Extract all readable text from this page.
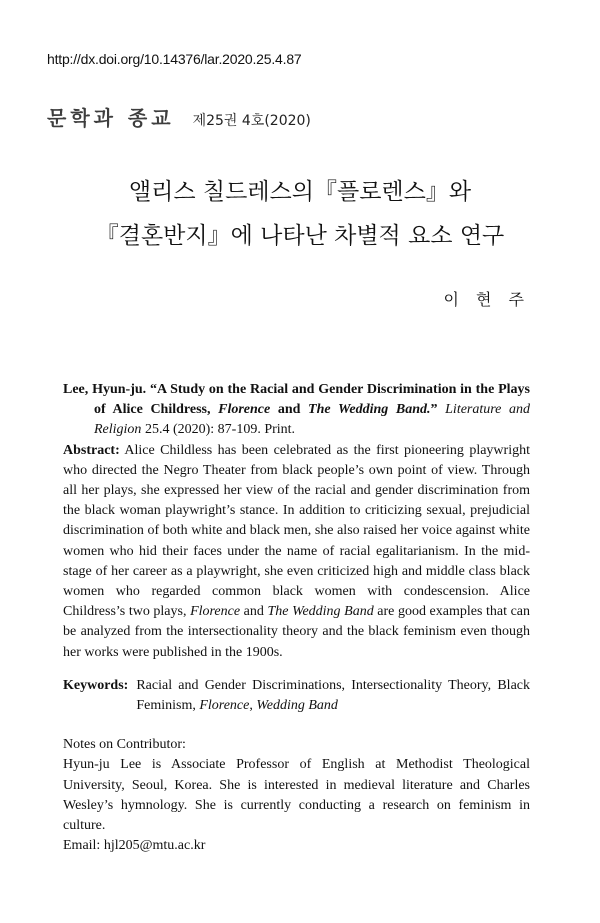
http://dx.doi.org/10.14376/lar.2020.25.4.87
문학과 종교 제25권 4호(2020)
앨리스 칠드레스의『플로렌스』와
『결혼반지』에 나타난 차별적 요소 연구
이 현 주

Lee, Hyun-ju. “A Study on the Racial and Gender Discrimination in the Plays of Alice Childress, Florence and The Wedding Band.” Literature and Religion 25.4 (2020): 87-109. Print.

Abstract: Alice Childless has been celebrated as the first pioneering playwright who directed the Negro Theater from black people’s own point of view. Through all her plays, she expressed her view of the racial and gender discrimination from the black woman playwright’s stance. In addition to criticizing sexual, prejudicial discrimination of both white and black men, she also raised her voice against white women who hid their faces under the name of racial egalitarianism. In the mid-stage of her career as a playwright, she even criticized high and middle class black women who regarded common black women with condescension. Alice Childress’s two plays, Florence and The Wedding Band are good examples that can be analyzed from the intersectionality theory and the black feminism even though her works were published in the 1900s.

Keywords: Racial and Gender Discriminations, Intersectionality Theory, Black Feminism, Florence, Wedding Band

Notes on Contributor:

Hyun-ju Lee is Associate Professor of English at Methodist Theological University, Seoul, Korea. She is interested in medieval literature and Charles Wesley’s hymnology. She is currently conducting a research on feminism in culture.

Email: hjl205@mtu.ac.kr
